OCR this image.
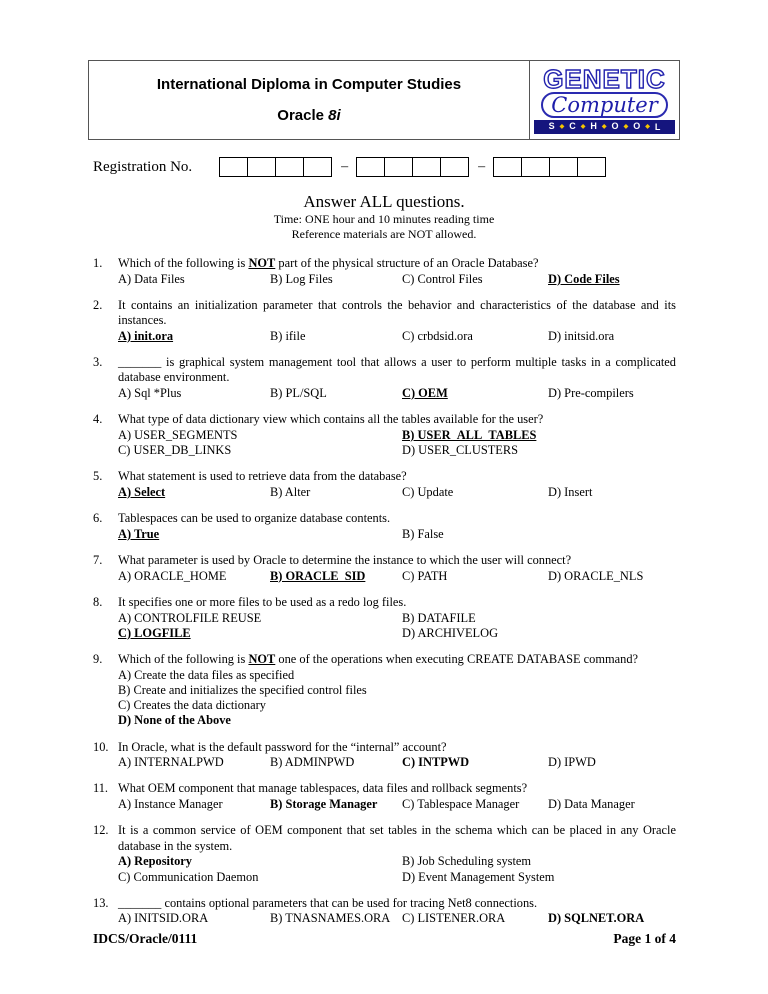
International Diploma in Computer Studies
Oracle 8i
GENETIC
Computer
S ◆	C ◆	H ◆	O ◆	O ◆	L
Registration No.	–	–
Answer ALL questions.
Time: ONE hour and 10 minutes reading time
Reference materials are NOT allowed.
1.	Which of the following is NOT part of the physical structure of an Oracle Database?
A) Data Files	B) Log Files	C) Control Files	D) Code Files
2.	It contains an initialization parameter that controls the behavior and characteristics of the database and its instances.
A) init.ora	B) ifile	C) crbdsid.ora	D) initsid.ora
3.	_______ is graphical system management tool that allows a user to perform multiple tasks in a complicated database environment.
A) Sql *Plus	B) PL/SQL	C) OEM	D) Pre-compilers
4.	What type of data dictionary view which contains all the tables available for the user?
A) USER_SEGMENTS	B) USER_ALL_TABLES
C) USER_DB_LINKS	D) USER_CLUSTERS
5.	What statement is used to retrieve data from the database?
A) Select	B) Alter	C) Update	D) Insert
6.	Tablespaces can be used to organize database contents.
A) True	B) False
7.	What parameter is used by Oracle to determine the instance to which the user will connect?
A) ORACLE_HOME	B) ORACLE_SID	C) PATH	D) ORACLE_NLS
8.	It specifies one or more files to be used as a redo log files.
A) CONTROLFILE REUSE	B) DATAFILE
C) LOGFILE	D) ARCHIVELOG
9.	Which of the following is NOT one of the operations when executing CREATE DATABASE command?
A) Create the data files as specified
B) Create and initializes the specified control files
C) Creates the data dictionary
D) None of the Above
10. In Oracle, what is the default password for the “internal” account?
A) INTERNALPWD	B) ADMINPWD	C) INTPWD	D) IPWD
11. What OEM component that manage tablespaces, data files and rollback segments?
A) Instance Manager	B) Storage Manager	C) Tablespace Manager	D) Data Manager
12. It is a common service of OEM component that set tables in the schema which can be placed in any Oracle database in the system.
A) Repository	B) Job Scheduling system
C) Communication Daemon	D) Event Management System
13. _______ contains optional parameters that can be used for tracing Net8 connections.
A) INITSID.ORA	B) TNASNAMES.ORA C) LISTENER.ORA	D) SQLNET.ORA
IDCS/Oracle/0111	Page 1 of 4
